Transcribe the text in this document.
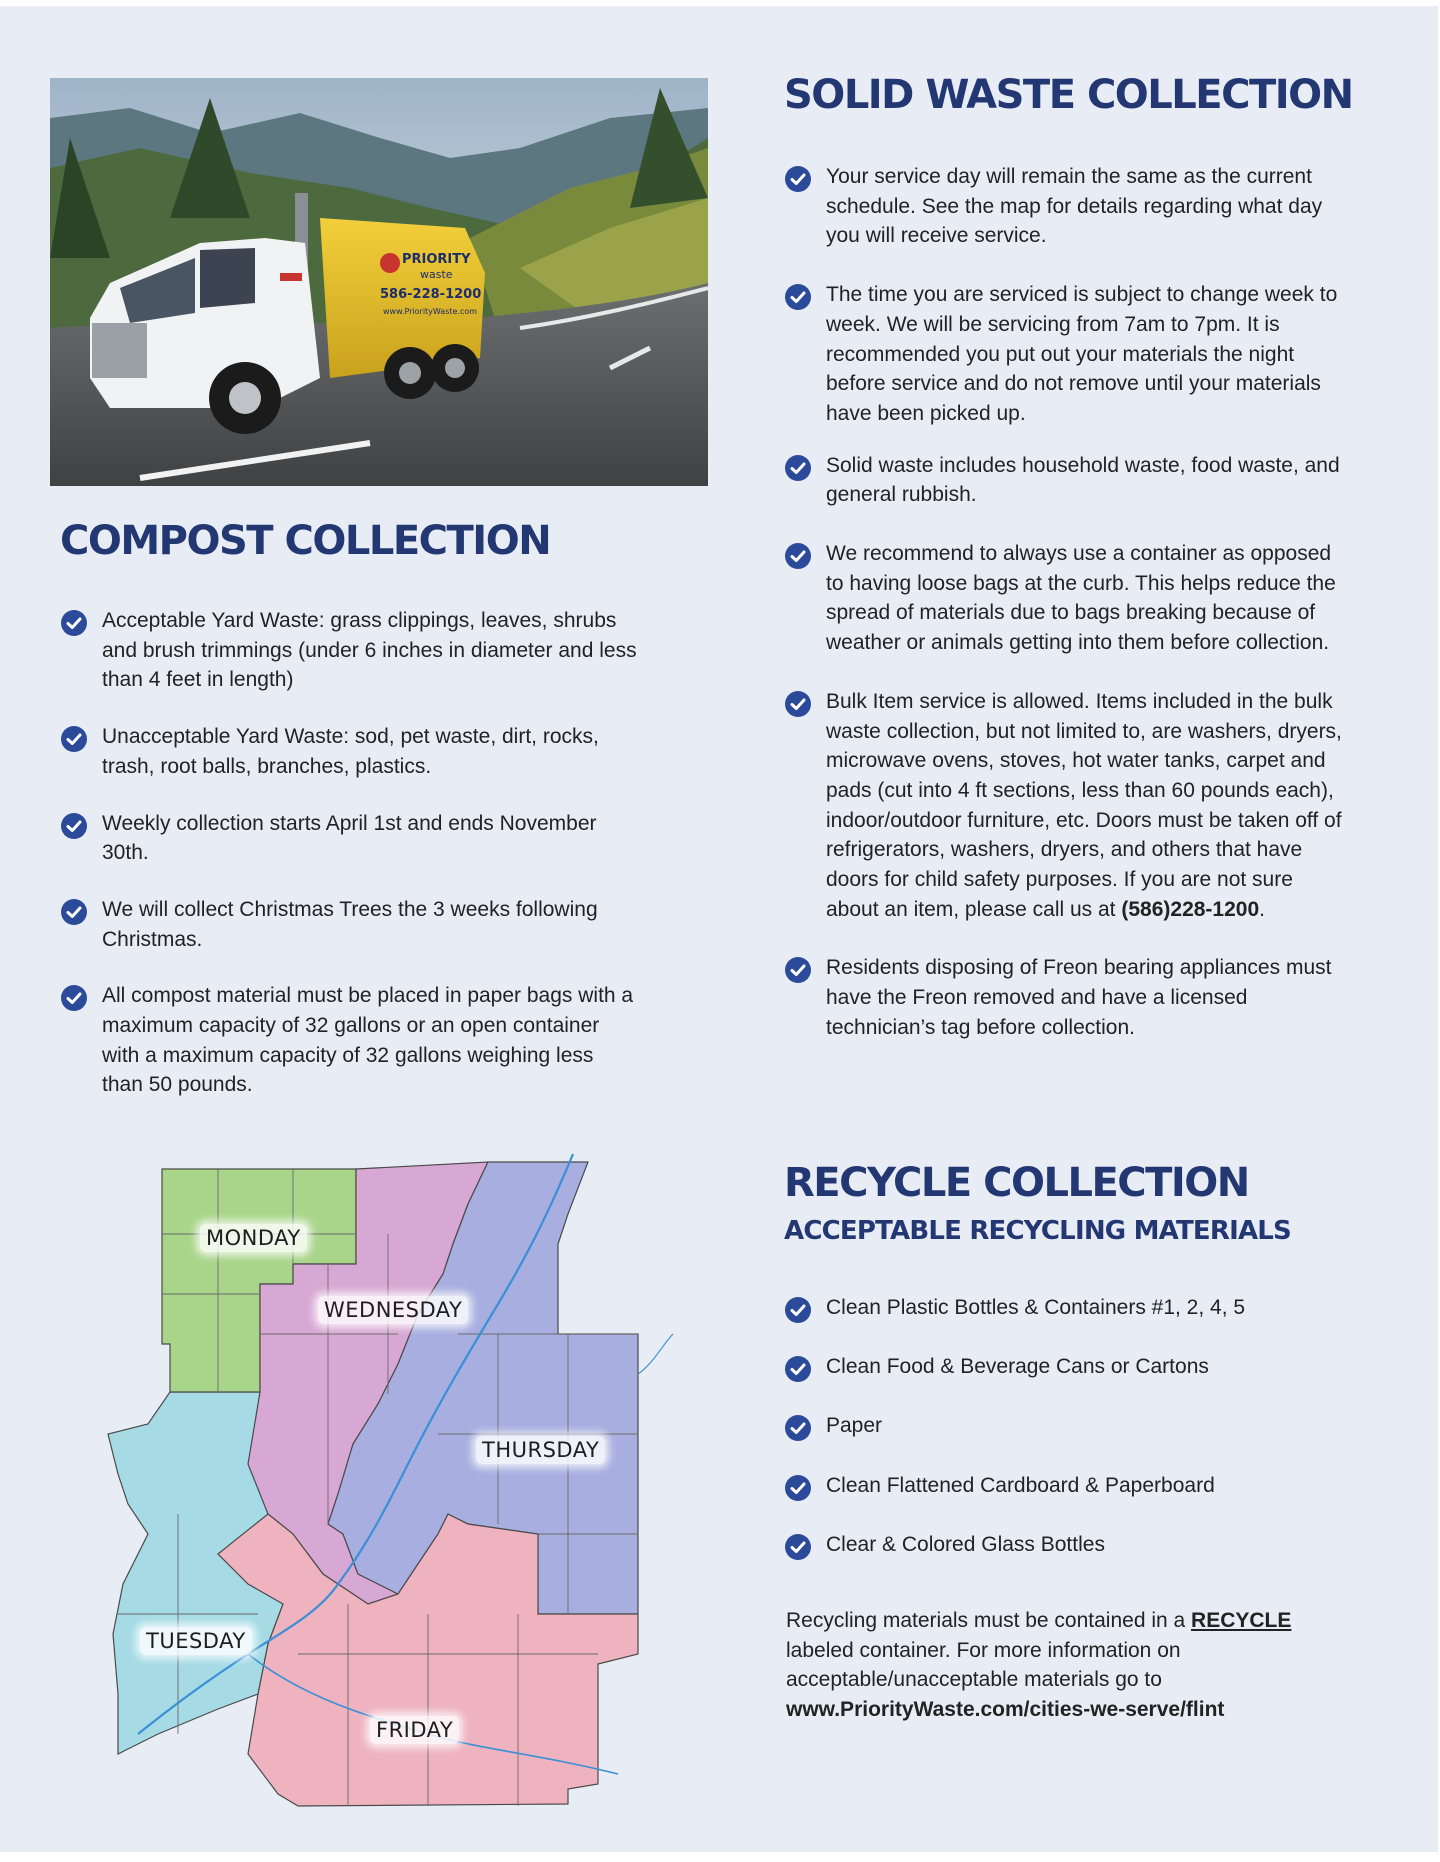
PRIORITY
waste
586-228-1200
www.PriorityWaste.com
SOLID WASTE COLLECTION
Your service day will remain the same as the current schedule. See the map for details regarding what day you will receive service.
The time you are serviced is subject to change week to week. We will be servicing from 7am to 7pm. It is recommended you put out your materials the night before service and do not remove until your materials have been picked up.
Solid waste includes household waste, food waste, and general rubbish.
We recommend to always use a container as opposed to having loose bags at the curb. This helps reduce the spread of materials due to bags breaking because of weather or animals getting into them before collection.
Bulk Item service is allowed. Items included in the bulk waste collection, but not limited to, are washers, dryers, microwave ovens, stoves, hot water tanks, carpet and pads (cut into 4 ft sections, less than 60 pounds each), indoor/outdoor furniture, etc. Doors must be taken off of refrigerators, washers, dryers, and others that have doors for child safety purposes. If you are not sure about an item, please call us at (586)228-1200.
Residents disposing of Freon bearing appliances must have the Freon removed and have a licensed technician’s tag before collection.
COMPOST COLLECTION
Acceptable Yard Waste: grass clippings, leaves, shrubs and brush trimmings (under 6 inches in diameter and less than 4 feet in length)
Unacceptable Yard Waste: sod, pet waste, dirt, rocks, trash, root balls, branches, plastics.
Weekly collection starts April 1st and ends November 30th.
We will collect Christmas Trees the 3 weeks following Christmas.
All compost material must be placed in paper bags with a maximum capacity of 32 gallons or an open container with a maximum capacity of 32 gallons weighing less than 50 pounds.
RECYCLE COLLECTION
ACCEPTABLE RECYCLING MATERIALS
Clean Plastic Bottles & Containers #1, 2, 4, 5
Clean Food & Beverage Cans or Cartons
Paper
Clean Flattened Cardboard & Paperboard
Clear & Colored Glass Bottles
Recycling materials must be contained in a RECYCLE labeled container. For more information on acceptable/unacceptable materials go to www.PriorityWaste.com/cities-we-serve/flint
MONDAY
WEDNESDAY
THURSDAY
TUESDAY
FRIDAY
